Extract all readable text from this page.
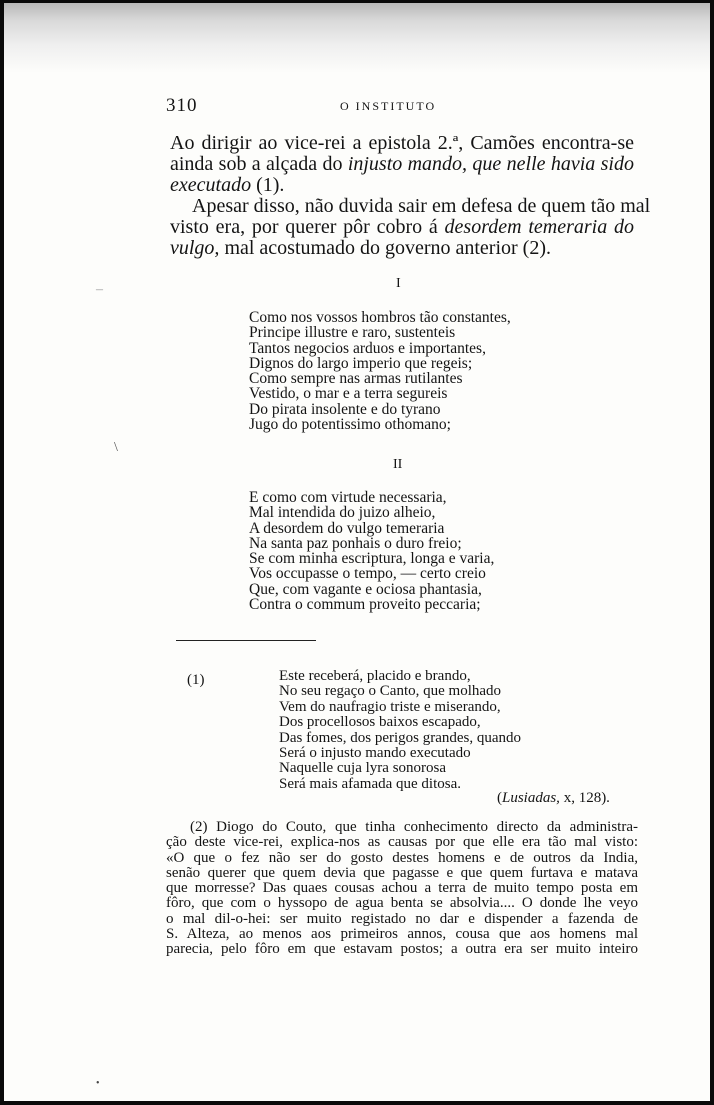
310	O INSTITUTO
Ao dirigir ao vice-rei a epistola 2.ª, Camões encontra-se
ainda sob a alçada do injusto mando, que nelle havia sido
executado (1).
Apesar disso, não duvida sair em defesa de quem tão mal
visto era, por querer pôr cobro á desordem temeraria do
vulgo, mal acostumado do governo anterior (2).
I
Como nos vossos hombros tão constantes,
Principe illustre e raro, sustenteis
Tantos negocios arduos e importantes,
Dignos do largo imperio que regeis;
Como sempre nas armas rutilantes
Vestido, o mar e a terra segureis
Do pirata insolente e do tyrano
Jugo do potentissimo othomano;
II
E como com virtude necessaria,
Mal intendida do juizo alheio,
A desordem do vulgo temeraria
Na santa paz ponhais o duro freio;
Se com minha escriptura, longa e varia,
Vos occupasse o tempo, — certo creio
Que, com vagante e ociosa phantasia,
Contra o commum proveito peccaria;
(1)	Este receberá, placido e brando,
No seu regaço o Canto, que molhado
Vem do naufragio triste e miserando,
Dos procellosos baixos escapado,
Das fomes, dos perigos grandes, quando
Será o injusto mando executado
Naquelle cuja lyra sonorosa
Será mais afamada que ditosa.
(Lusiadas, x, 128).
(2) Diogo do Couto, que tinha conhecimento directo da administra-
ção deste vice-rei, explica-nos as causas por que elle era tão mal visto:
«O que o fez não ser do gosto destes homens e de outros da India,
senão querer que quem devia que pagasse e que quem furtava e matava
que morresse? Das quaes cousas achou a terra de muito tempo posta em
fôro, que com o hyssopo de agua benta se absolvia.... O donde lhe veyo
o mal dil-o-hei: ser muito registado no dar e dispender a fazenda de
S. Alteza, ao menos aos primeiros annos, cousa que aos homens mal
parecia, pelo fôro em que estavam postos; a outra era ser muito inteiro
–
\
•
